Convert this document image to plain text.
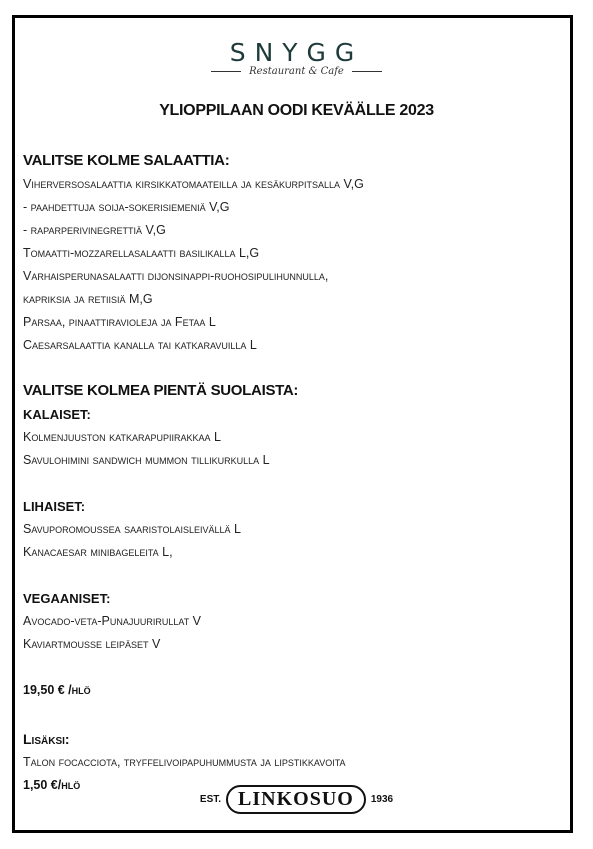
SNYGG
Restaurant & Cafe
YLIOPPILAAN OODI KEVÄÄLLE 2023
VALITSE KOLME SALAATTIA:
Viherversosalaattia kirsikkatomaateilla ja kesäkurpitsalla V,G
- paahdettuja soija-sokerisiemeniä V,G
- raparperivinegrettiä V,G
Tomaatti-mozzarellasalaatti basilikalla L,G
Varhaisperunasalaatti dijonsinappi-ruohosipulihunnulla,
kapriksia ja retiisiä M,G
Parsaa, pinaattiravioleja ja Fetaa L
Caesarsalaattia kanalla tai katkaravuilla L
VALITSE KOLMEA PIENTÄ SUOLAISTA:
KALAISET:
Kolmenjuuston katkarapupiirakkaa L
Savulohimini sandwich mummon tillikurkulla L
LIHAISET:
Savuporomoussea saaristolaisleivällä L
Kanacaesar minibageleita L,
VEGAANISET:
Avocado-veta-Punajuurirullat V
Kaviartmousse leipäset V
19,50 € /hlö
Lisäksi:
Talon focacciota, tryffelivoipapuhummusta ja lipstikkavoita
1,50 €/hlö
EST. LINKOSUO	1936
